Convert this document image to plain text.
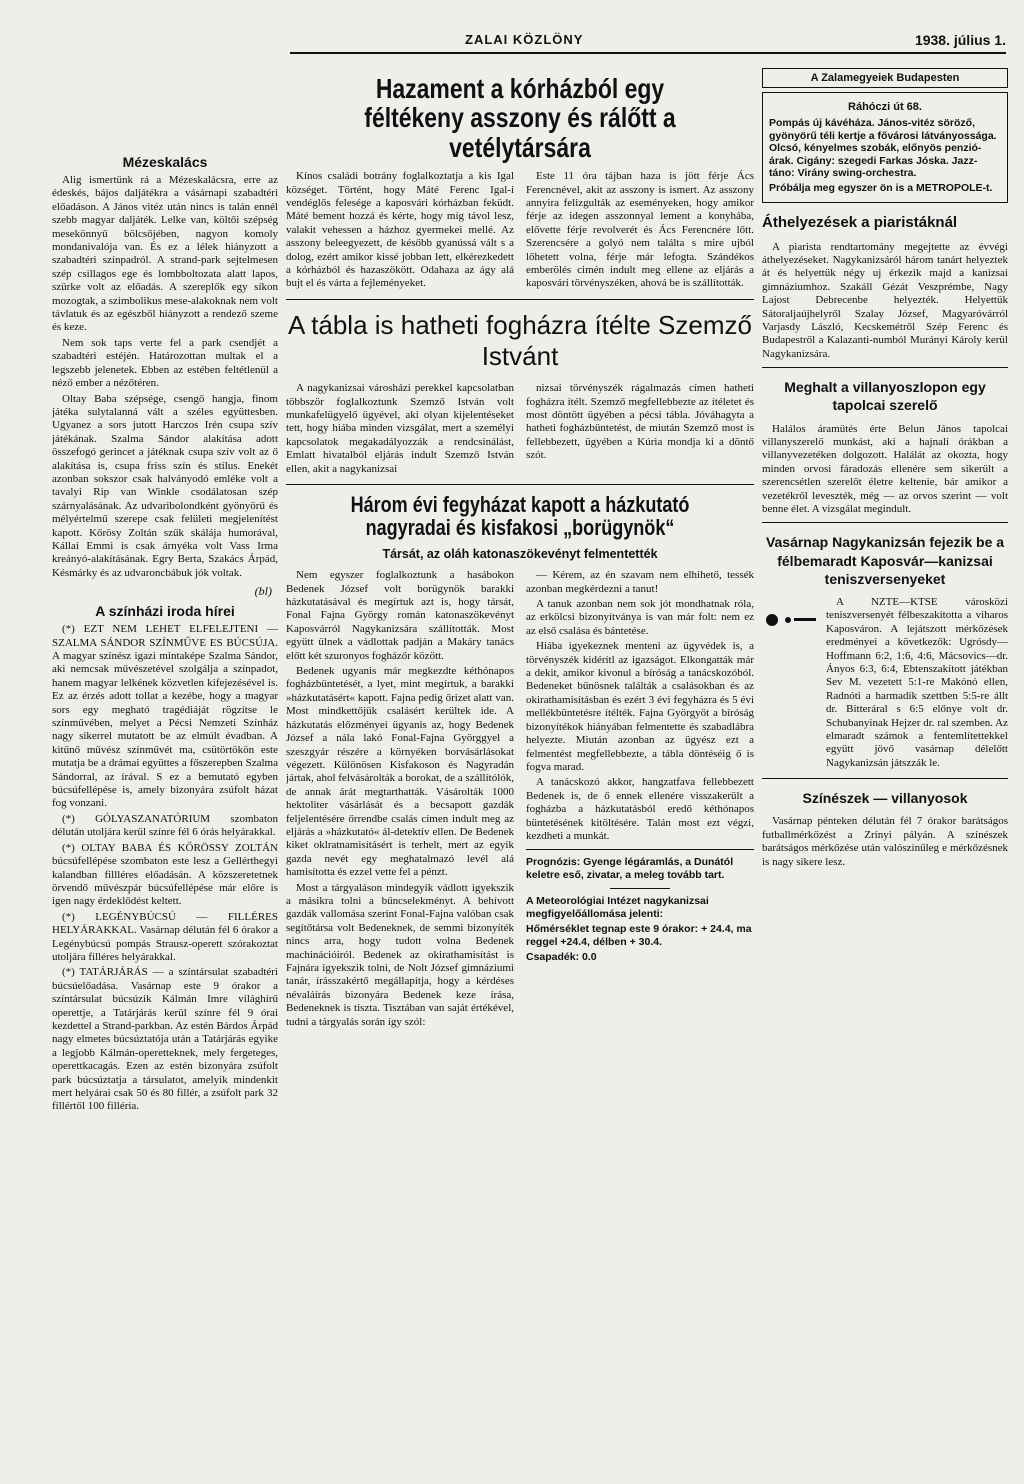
ZALAI KÖZLÖNY	1938. július 1.
Mézeskalács

Alig ismertünk rá a Mézeskalácsra, erre az édeskés, bájos daljátékra a vásárnapi szabadtéri előadáson. A János vitéz után nincs is talán ennél szebb magyar daljáték. Lelke van, költői szépség mesekönnyű bölcsőjében, nagyon komoly mondanivalója van. És ez a lélek hiányzott a szabadtéri színpadról. A strand-park sejtelmesen szép csillagos ege és lombboltozata alatt lapos, szürke volt az előadás. A szereplők egy síkon mozogtak, a szimbolikus mese-alakoknak nem volt távlatuk és az egészből hiányzott a rendező szeme és keze.

Nem sok taps verte fel a park csendjét a szabadtéri estéjén. Határozottan multak el a legszebb jelenetek. Ebben az estében feltétlenül a néző ember a nézőtéren.

Oltay Baba szépsége, csengő hangja, finom játéka sulytalanná vált a széles együttesben. Ugyanez a sors jutott Harczos Irén csupa szív játékának. Szalma Sándor alakítása adott összefogó gerincet a játéknak csupa szív volt az ő alakítása is, csupa friss szín és stílus. Enekét azonban sokszor csak halványodó emléke volt a tavalyi Rip van Winkle csodálatosan szép szárnyalásának. Az udvaribolondként gyönyörű és mélyértelmű szerepe csak felületi megjelenítést kapott. Kőrösy Zoltán szűk skálája humorával, Kállai Emmi is csak árnyéka volt Vass Irma kreányó-alakításának. Egry Berta, Szakács Árpád, Késmárky és az udvaroncbábuk jók voltak.

(bl)
A színházi iroda hírei

(*) EZT NEM LEHET ELFELEJTENI — SZALMA SÁNDOR SZÍNMŰVE ES BÚCSÚJA. A magyar színész igazi mintaképe Szalma Sándor, aki nemcsak művészetével szolgálja a színpadot, hanem magyar lelkének közvetlen kifejezésével is. Ez az érzés adott tollat a kezébe, hogy a magyar sors egy megható tragédiáját rögzítse le színművében, melyet a Pécsi Nemzeti Színház nagy sikerrel mutatott be az elmúlt évadban. A kitűnő művész színművét ma, csütörtökön este mutatja be a drámai együttes a főszerepben Szalma Sándorral, az írával. S ez a bemutató egyben búcsúfellépése is, amely bizonyára zsúfolt házat fog vonzani.

(*) GÓLYASZANATÓRIUM szombaton délután utoljára kerül színre fél 6 órás helyárakkal.

(*) OLTAY BABA ÉS KŐRÖSSY ZOLTÁN búcsúfellépése szombaton este lesz a Gellérthegyi kalandban fillléres előadásán. A közszeretetnek örvendő művészpár búcsúfellépése már előre is igen nagy érdeklődést keltett.

(*) LEGÉNYBÚCSÚ — FILLÉRES HELYÁRAKKAL. Vasárnap délután fél 6 órakor a Legénybúcsú pompás Strausz-operett szórakoztat utoljára filléres helyárakkal.

(*) TATÁRJÁRÁS — a színtársulat szabadtéri búcsúelőadása. Vasárnap este 9 órakor a színtársulat búcsúzik Kálmán Imre világhírű operettje, a Tatárjárás kerül színre fél 9 órai kezdettel a Strand-parkban. Az estén Bárdos Árpád nagy elmetes búcsúztatója után a Tatárjárás egyike a legjobb Kálmán-operetteknek, mely fergeteges, operettkacagás. Ezen az estén bizonyára zsúfolt park búcsúztatja a társulatot, amelyik mindenkit mert helyárai csak 50 és 80 fillér, a zsúfolt park 32 fillértől 100 filléria.

Hazament a kórházból egy féltékeny asszony és rálőtt a vetélytársára

Kínos családi botrány foglalkoztatja a kis Igal községet. Történt, hogy Máté Ferenc Igal-i vendéglős felesége a kaposvári kórházban feküdt. Máté bement hozzá és kérte, hogy míg távol lesz, valakit vehessen a házhoz gyermekei mellé. Az asszony beleegyezett, de később gyanússá vált s a dolog, ezért amikor kissé jobban lett, elkérezkedett a kórházból és hazaszökött. Odahaza az ágy alá bujt el és várta a fejleményeket.

Este 11 óra tájban haza is jött férje Ács Ferencnével, akit az asszony is ismert. Az asszony annyira felizgulták az eseményeken, hogy amikor férje az idegen asszonnyal lement a konyhába, elővette férje revolverét és Ács Ferencnére lőtt. Szerencsére a golyó nem találta s mire ujból lőhetett volna, férje már lefogta. Szándékos emberölés cimén indult meg ellene az eljárás a kaposvári törvényszéken, ahová be is szállították.

A tábla is hatheti fogházra ítélte Szemző Istvánt

A nagykanizsai városházi perekkel kapcsolatban többször foglalkoztunk Szemző István volt munkafelügyelő ügyével, aki olyan kijelentéseket tett, hogy hiába minden vizsgálat, mert a személyi kapcsolatok megakadályozzák a rendcsinálást, Emlatt hivatalból eljárás indult Szemző István ellen, akit a nagykanizsai

nizsai törvényszék rágalmazás címen hatheti fogházra ítélt. Szemző megfellebbezte az ítéletet és most döntött ügyében a pécsi tábla. Jóváhagyta a hatheti fogházbüntetést, de miután Szemző most is fellebbezett, ügyében a Kúria mondja ki a döntő szót.

Három évi fegyházat kapott a házkutató nagyradai és kisfakosi „borügynök“
Társát, az oláh katonaszökevényt felmentették

Nem egyszer foglalkoztunk a hasábokon Bedenek József volt borügynök barakki házkutatásával és megírtuk azt is, hogy társát, Fonal Fajna György román katonaszökevényt Kaposvárról Nagykanizsára szállították. Most együtt ülnek a vádlottak padján a Makáry tanács előtt két szuronyos fogházőr között.

Bedenek ugyanis már megkezdte kéthónapos fogházbüntetését, a lyet, mint megírtuk, a barakki »házkutatásért« kapott. Fajna pedig őrizet alatt van. Most mindkettőjük csalásért kerültek ide. A házkutatás előzményei ügyanis az, hogy Bedenek József a nála lakó Fonal-Fajna Györggyel a szeszgyár részére a környéken borvásárlásokat végezett. Különösen Kisfakoson és Nagyradán jártak, ahol felvásárolták a borokat, de a szállítólók, de annak árát megtarthatták. Vásárolták 1000 hektoliter vásárlását és a becsapott gazdák feljelentésére őrrendbe csalás címen indult meg az eljárás a »házkutató« ál-detektív ellen. De Bedenek kiket oklratnamisításért is terhelt, mert az egyik gazda nevét egy meghatalmazó levél alá hamisította és ezzel vette fel a pénzt.

Most a tárgyaláson mindegyik vádlott igyekszik a másikra tolni a bűncselekményt. A behívott gazdák vallomása szerint Fonal-Fajna valóban csak segítőtársa volt Bedeneknek, de semmi bizonyíték nincs arra, hogy tudott volna Bedenek machinációiról. Bedenek az okirathamisítást is Fajnára igyekszik tolni, de Nolt József gimnáziumi tanár, írásszakértő megállapítja, hogy a kérdéses névaláírás bizonyára Bedenek keze írása, Bedeneknek is tiszta. Tisztában van saját értékével, tudni a tárgyalás során így szól:

— Kérem, az én szavam nem elhihető, tessék azonban megkérdezni a tanut!

A tanuk azonban nem sok jót mondhatnak róla, az erkölcsi bizonyítványa is van már folt: nem ez az első csalása és bántetése.

Hiába igyekeznek menteni az ügyvédek is, a törvényszék kidérítl az igazságot. Elkongatták már a dekit, amikor kivonul a bíróság a tanácskozóból. Bedeneket bűnösnek találták a csalásokban és az okirathamisításban és ezért 3 évi fegyházra és 5 évi mellékbüntetésre ítélték. Fajna Györgyöt a bíróság bizonyítékok hiányában felmentette és szabadlábra helyezte. Miután azonban az ügyész ezt a felmentést megfellebbezte, a tábla döntéséig ő is fogva marad.

A tanácskozó akkor, hangzatfava fellebbezett Bedenek is, de ő ennek ellenére visszakerült a fogházba a házkutatásból eredő kéthónapos büntetésének kitöltésére. Talán most ezt végzi, kezdheti a munkát.

Prognózis: Gyenge légáramlás, a Dunától keletre eső, zivatar, a meleg tovább tart.

A Meteorológiai Intézet nagykanizsai megfigyelőállomása jelenti:

Hőmérséklet tegnap este 9 órakor: + 24.4, ma reggel +24.4, délben + 30.4.

Csapadék: 0.0

A Zalamegyeiek Budapesten
Ráhóczi út 68.

Pompás új kávéháza. János-vitéz söröző, gyönyörű téli kertje a fővárosi látványossága. Olcsó, kényelmes szobák, előnyös penzió-árak. Cigány: szegedi Farkas Jóska. Jazz-táno: Virány swing-orchestra.

Próbálja meg egyszer ön is a METROPOLE-t.

Áthelyezések a piaristáknál

A piarista rendtartomány megejtette az évvégi áthelyezéseket. Nagykanizsáról három tanárt helyeztek át és helyettük négy uj érkezik majd a kanizsai gimnáziumhoz. Szakáll Gézát Veszprémbe, Nagy Lajost Debrecenbe helyezték. Helyettük Sátoraljaújhelyről Szalay József, Magyaróvárról Varjasdy László, Kecskemétről Szép Ferenc és Budapestről a Kalazanti-numból Murányi Károly kerül Nagykanizsára.

Meghalt a villanyoszlopon egy tapolcai szerelő

Halálos áramütés érte Belun János tapolcai villanyszerelő munkást, aki a hajnali órákban a villanyvezetéken dolgozott. Halálát az okozta, hogy minden orvosi fáradozás ellenére sem sikerült a szerencsétlen szerelőt életre keltenie, bár amikor a vezetékről leveszték, még — az orvos szerint — volt benne élet. A vizsgálat megindult.

Vasárnap Nagykanizsán fejezik be a félbemaradt Kaposvár—kanizsai teniszversenyeket

A NZTE—KTSE városközi teniszversenyét félbeszakította a viharos Kaposváron. A lejátszott mérkőzések eredményei a következők: Ugrósdy—Hoffmann 6:2, 1:6, 4:6, Mácsovics—dr. Ányos 6:3, 6:4, Ebtenszakított játékban Sev M. vezetett 5:1-re Makónó ellen, Radnóti a harmadik szettben 5:5-re állt dr. Bitteráral s 6:5 előnye volt dr. Schubanyinak Hejzer dr. ral szemben. Az elmaradt számok a fentemlítettekkel együtt jövő vasárnap délelőtt Nagykanizsán játszzák le.

Színészek — villanyosok

Vasárnap pénteken délután fél 7 órakor barátságos futballmérkőzést a Zrínyi pályán. A színészek barátságos mérkőzése után valószínűleg e mérkőzésnek is nagy sikere lesz.
